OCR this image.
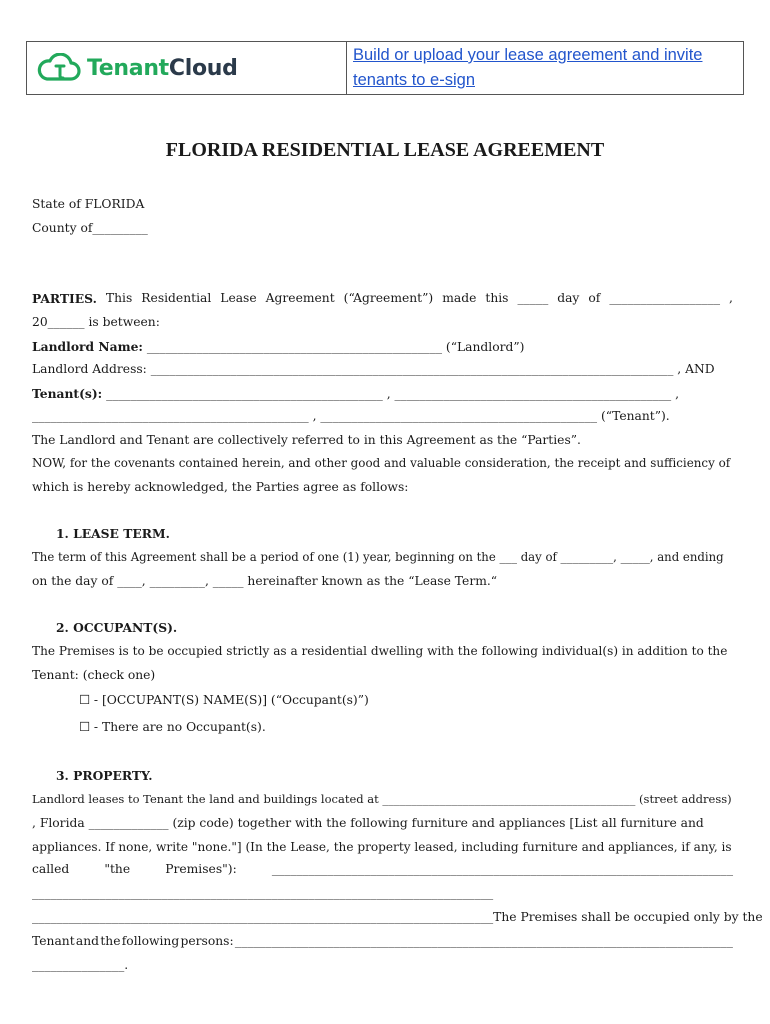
TenantCloud
Build or upload your lease agreement and invite
tenants to e-sign
FLORIDA RESIDENTIAL LEASE AGREEMENT
State of FLORIDA
County of_________
PARTIES. This Residential Lease Agreement (“Agreement”) made this _____ day of __________________ ,
20______ is between:
Landlord Name: ________________________________________________ (“Landlord”)
Landlord Address: _____________________________________________________________________________________ , AND
Tenant(s): _____________________________________________ , _____________________________________________ ,
_____________________________________________ , _____________________________________________ (“Tenant”).
The Landlord and Tenant are collectively referred to in this Agreement as the “Parties”.
NOW, for the covenants contained herein, and other good and valuable consideration, the receipt and sufficiency of
which is hereby acknowledged, the Parties agree as follows:
1. LEASE TERM.
The term of this Agreement shall be a period of one (1) year, beginning on the ___ day of _________, _____, and ending
on the day of ____, _________, _____ hereinafter known as the “Lease Term.“
2. OCCUPANT(S).
The Premises is to be occupied strictly as a residential dwelling with the following individual(s) in addition to the
Tenant: (check one)
☐ - [OCCUPANT(S) NAME(S)] (“Occupant(s)”)
☐ - There are no Occupant(s).
3. PROPERTY.
Landlord leases to Tenant the land and buildings located at ____________________________________________ (street address)
, Florida _____________ (zip code) together with the following furniture and appliances [List all furniture and
appliances. If none, write "none."] (In the Lease, the property leased, including furniture and appliances, if any, is
called	"the	Premises"):	___________________________________________________________________________
___________________________________________________________________________
___________________________________________________________________________ The Premises shall be occupied only by the
Tenant and the following persons: _________________________________________________________________________________
_______________.
